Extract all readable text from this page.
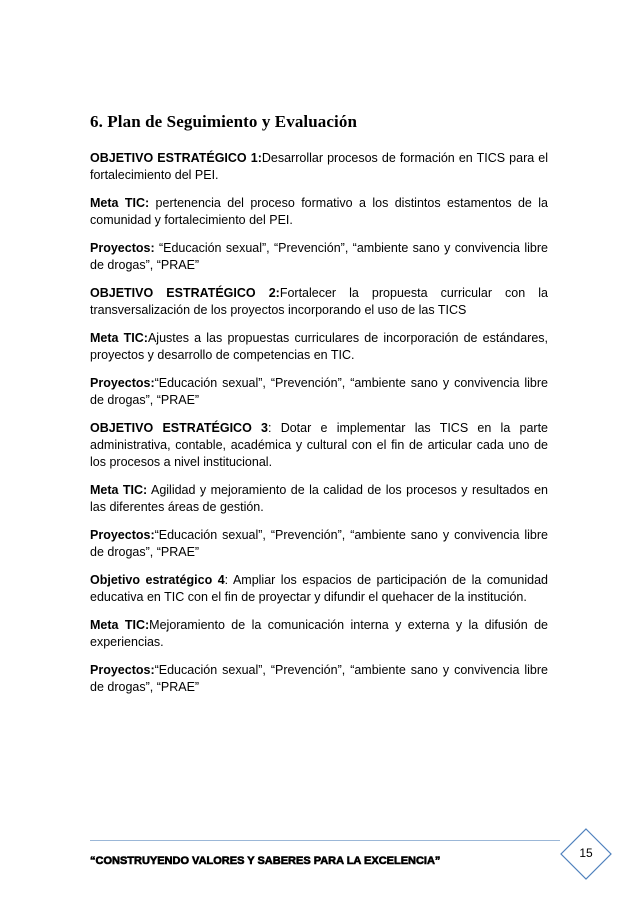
6. Plan de Seguimiento y Evaluación

OBJETIVO ESTRATÉGICO 1:Desarrollar procesos de formación en TICS para el fortalecimiento del PEI.

Meta TIC: pertenencia del proceso formativo a los distintos estamentos de la comunidad y fortalecimiento del PEI.

Proyectos: “Educación sexual”, “Prevención”, “ambiente sano y convivencia libre de drogas”, “PRAE”

OBJETIVO ESTRATÉGICO 2:Fortalecer la propuesta curricular con la transversalización de los proyectos incorporando el uso de las TICS

Meta TIC:Ajustes a las propuestas curriculares de incorporación de estándares, proyectos y desarrollo de competencias en TIC.

Proyectos:“Educación sexual”, “Prevención”, “ambiente sano y convivencia libre de drogas”, “PRAE”

OBJETIVO ESTRATÉGICO 3: Dotar e implementar las TICS en la parte administrativa, contable, académica y cultural con el fin de articular cada uno de los procesos a nivel institucional.

Meta TIC: Agilidad y mejoramiento de la calidad de los procesos y resultados en las diferentes áreas de gestión.

Proyectos:“Educación sexual”, “Prevención”, “ambiente sano y convivencia libre de drogas”, “PRAE”

Objetivo estratégico 4: Ampliar los espacios de participación de la comunidad educativa en TIC con el fin de proyectar y difundir el quehacer de la institución.

Meta TIC:Mejoramiento de la comunicación interna y externa y la difusión de experiencias.

Proyectos:“Educación sexual”, “Prevención”, “ambiente sano y convivencia libre de drogas”, “PRAE”

“CONSTRUYENDO VALORES Y SABERES PARA LA EXCELENCIA”
15
